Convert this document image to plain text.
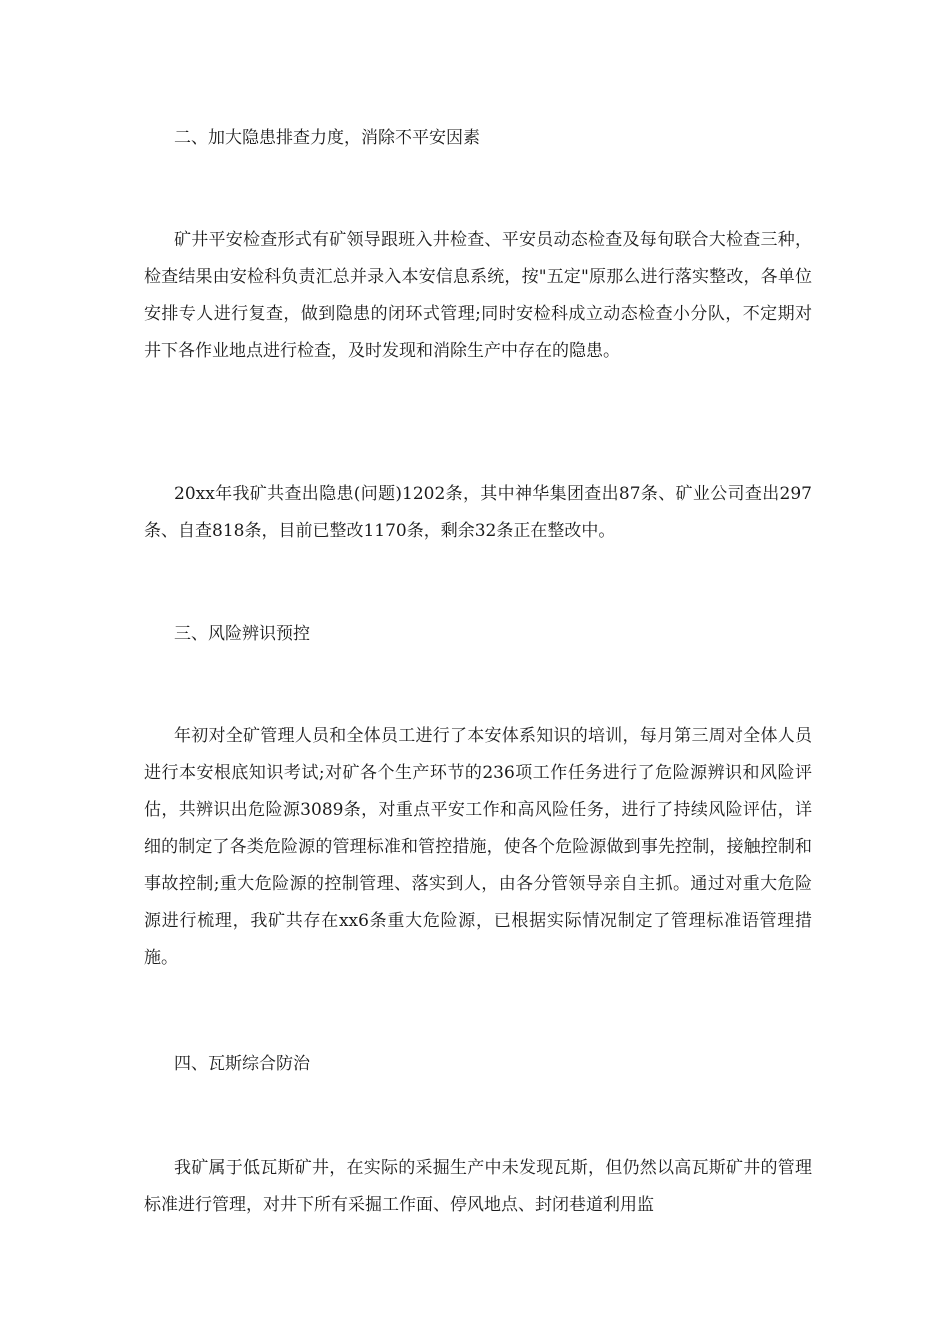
二、加大隐患排查力度，消除不平安因素

矿井平安检查形式有矿领导跟班入井检查、平安员动态检查及每旬联合大检查三种，检查结果由安检科负责汇总并录入本安信息系统，按"五定"原那么进行落实整改，各单位安排专人进行复查，做到隐患的闭环式管理;同时安检科成立动态检查小分队，不定期对井下各作业地点进行检查，及时发现和消除生产中存在的隐患。

20xx年我矿共查出隐患(问题)1202条，其中神华集团查出87条、矿业公司查出297条、自查818条，目前已整改1170条，剩余32条正在整改中。

三、风险辨识预控

年初对全矿管理人员和全体员工进行了本安体系知识的培训，每月第三周对全体人员进行本安根底知识考试;对矿各个生产环节的236项工作任务进行了危险源辨识和风险评估，共辨识出危险源3089条，对重点平安工作和高风险任务，进行了持续风险评估，详细的制定了各类危险源的管理标准和管控措施，使各个危险源做到事先控制，接触控制和事故控制;重大危险源的控制管理、落实到人，由各分管领导亲自主抓。通过对重大危险源进行梳理，我矿共存在xx6条重大危险源，已根据实际情况制定了管理标准语管理措施。

四、瓦斯综合防治

我矿属于低瓦斯矿井，在实际的采掘生产中未发现瓦斯，但仍然以高瓦斯矿井的管理标准进行管理，对井下所有采掘工作面、停风地点、封闭巷道利用监
